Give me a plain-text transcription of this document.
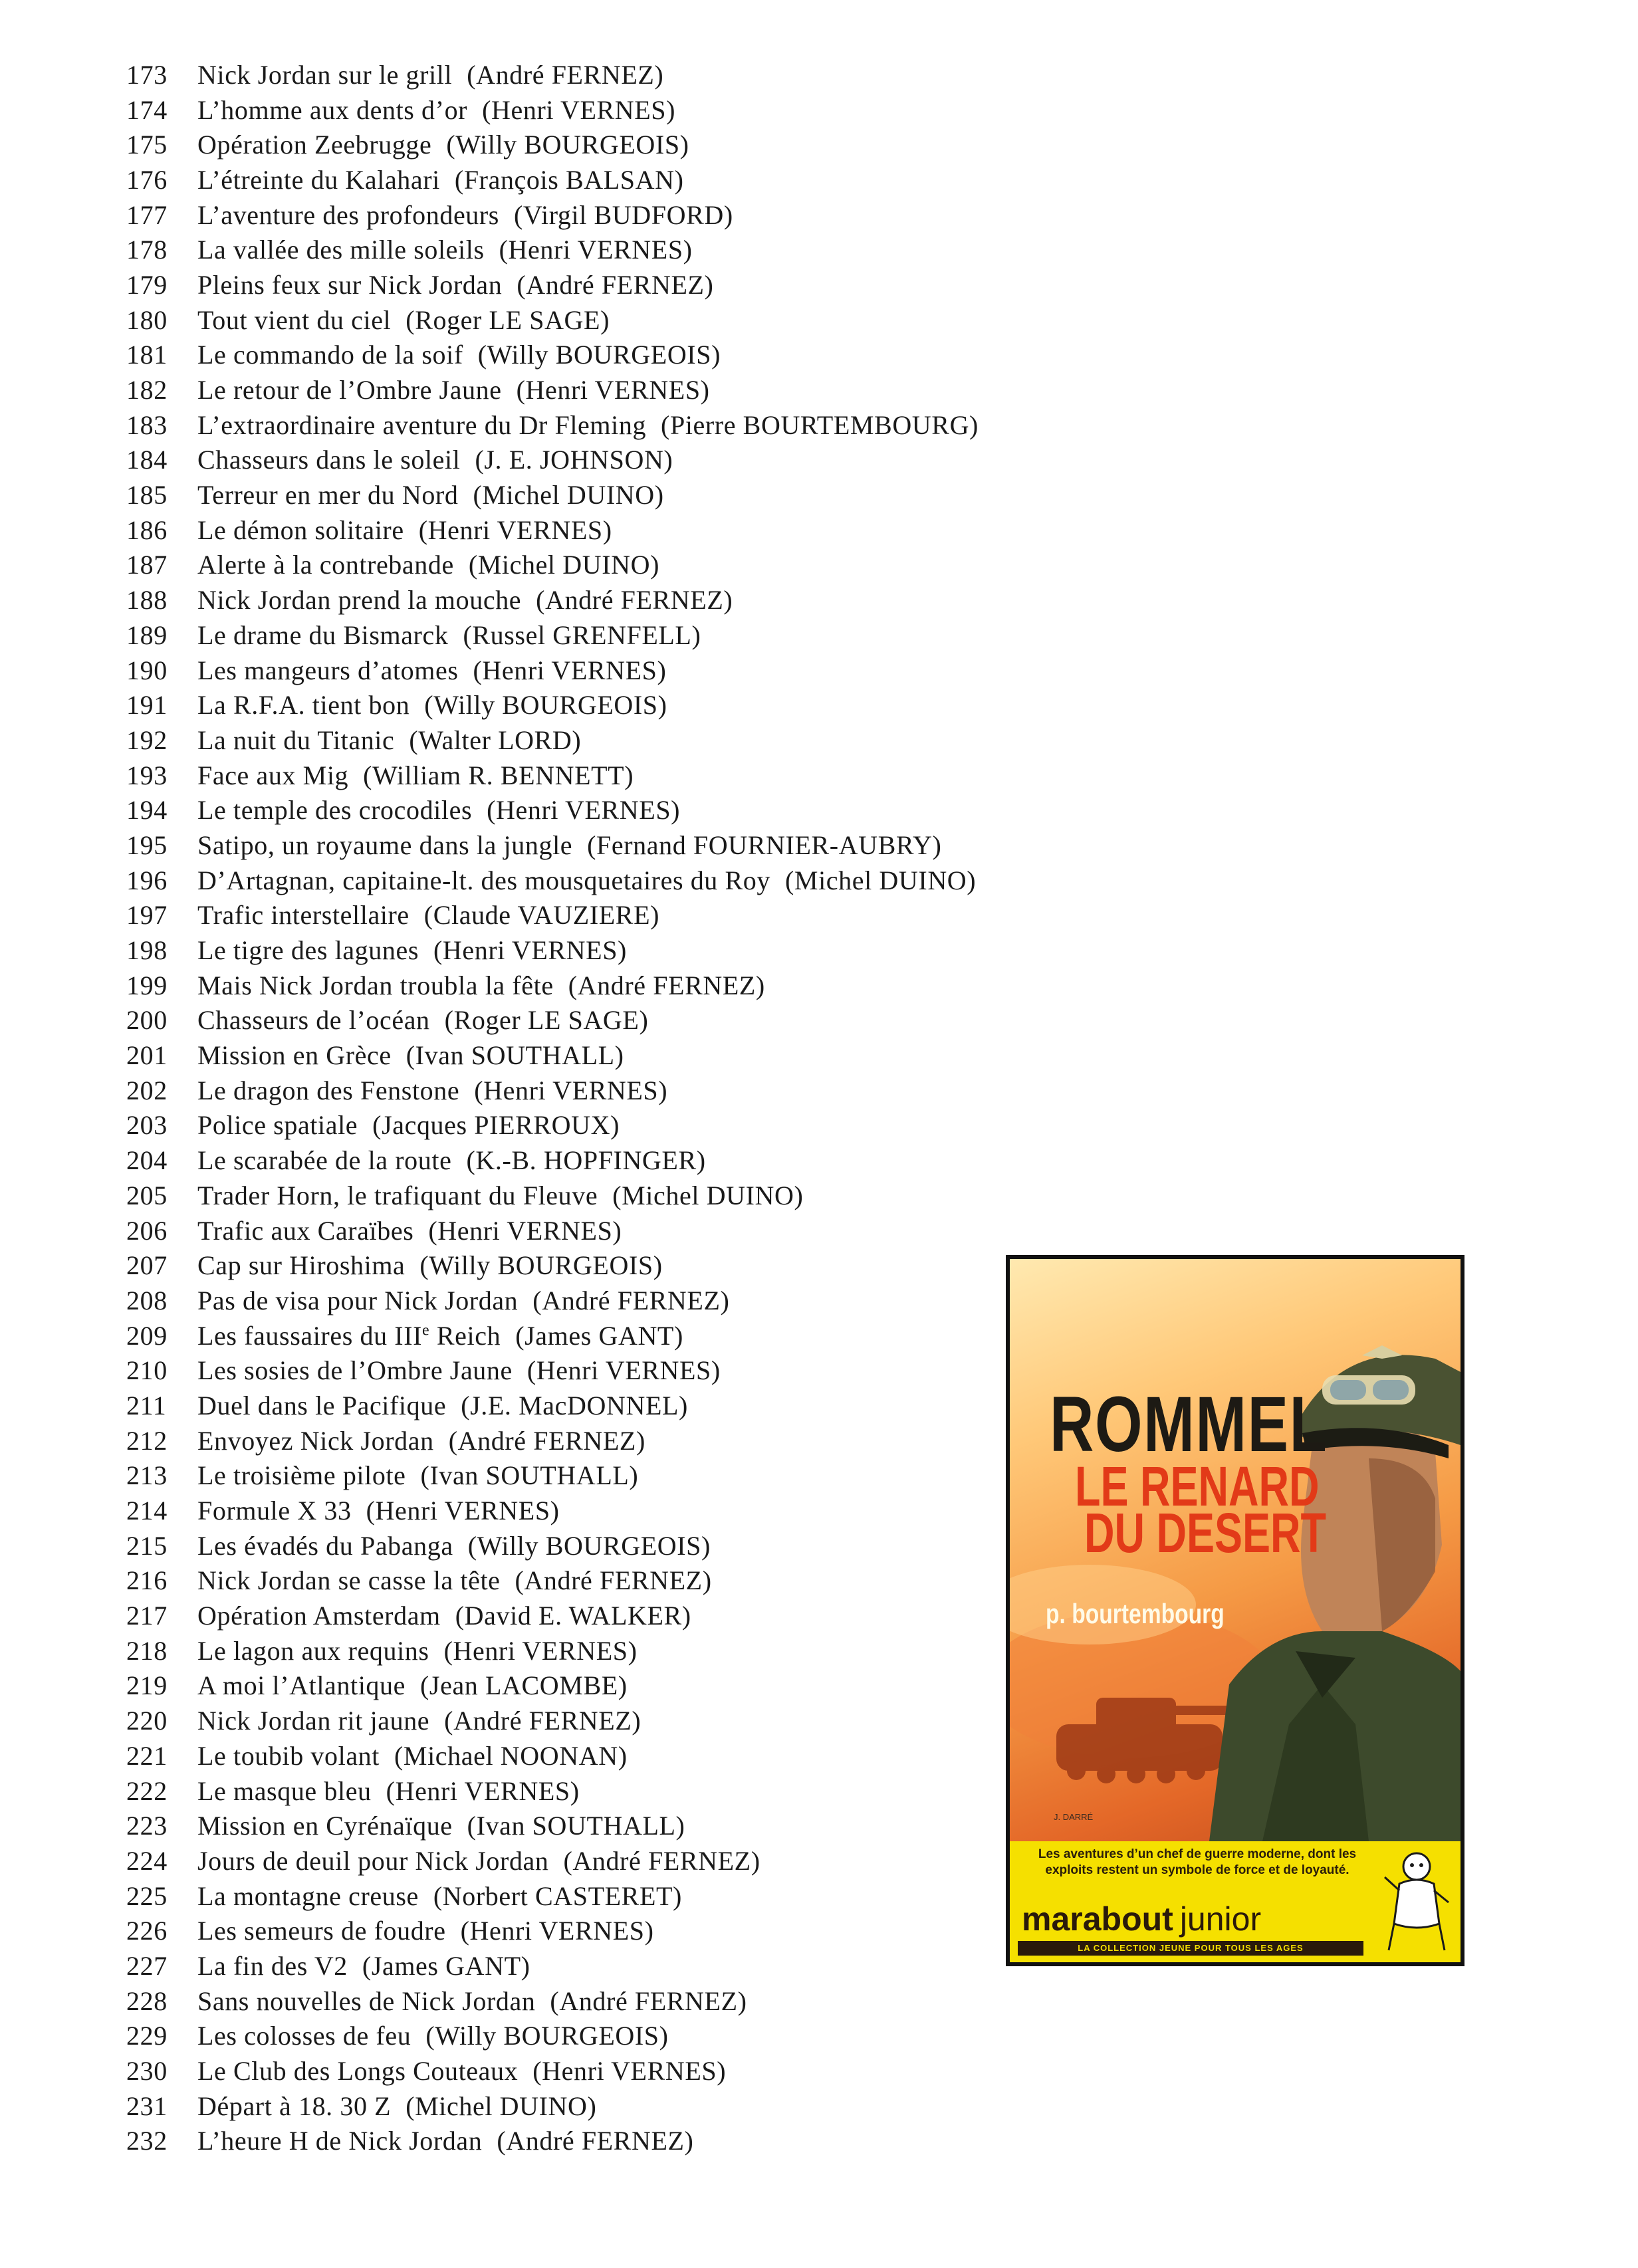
173	Nick Jordan sur le grill (André FERNEZ)
174	L’homme aux dents d’or (Henri VERNES)
175	Opération Zeebrugge (Willy BOURGEOIS)
176	L’étreinte du Kalahari (François BALSAN)
177	L’aventure des profondeurs (Virgil BUDFORD)
178	La vallée des mille soleils (Henri VERNES)
179	Pleins feux sur Nick Jordan (André FERNEZ)
180	Tout vient du ciel (Roger LE SAGE)
181	Le commando de la soif (Willy BOURGEOIS)
182	Le retour de l’Ombre Jaune (Henri VERNES)
183	L’extraordinaire aventure du Dr Fleming (Pierre BOURTEMBOURG)
184	Chasseurs dans le soleil (J. E. JOHNSON)
185	Terreur en mer du Nord (Michel DUINO)
186	Le démon solitaire (Henri VERNES)
187	Alerte à la contrebande (Michel DUINO)
188	Nick Jordan prend la mouche (André FERNEZ)
189	Le drame du Bismarck (Russel GRENFELL)
190	Les mangeurs d’atomes (Henri VERNES)
191	La R.F.A. tient bon (Willy BOURGEOIS)
192	La nuit du Titanic (Walter LORD)
193	Face aux Mig (William R. BENNETT)
194	Le temple des crocodiles (Henri VERNES)
195	Satipo, un royaume dans la jungle (Fernand FOURNIER-AUBRY)
196	D’Artagnan, capitaine-lt. des mousquetaires du Roy (Michel DUINO)
197	Trafic interstellaire (Claude VAUZIERE)
198	Le tigre des lagunes (Henri VERNES)
199	Mais Nick Jordan troubla la fête (André FERNEZ)
200	Chasseurs de l’océan (Roger LE SAGE)
201	Mission en Grèce (Ivan SOUTHALL)
202	Le dragon des Fenstone (Henri VERNES)
203	Police spatiale (Jacques PIERROUX)
204	Le scarabée de la route (K.-B. HOPFINGER)
205	Trader Horn, le trafiquant du Fleuve (Michel DUINO)
206	Trafic aux Caraïbes (Henri VERNES)
207	Cap sur Hiroshima (Willy BOURGEOIS)
208	Pas de visa pour Nick Jordan (André FERNEZ)
209	Les faussaires du IIIe Reich (James GANT)
210	Les sosies de l’Ombre Jaune (Henri VERNES)
211	Duel dans le Pacifique (J.E. MacDONNEL)
212	Envoyez Nick Jordan (André FERNEZ)
213	Le troisième pilote (Ivan SOUTHALL)
214	Formule X 33 (Henri VERNES)
215	Les évadés du Pabanga (Willy BOURGEOIS)
216	Nick Jordan se casse la tête (André FERNEZ)
217	Opération Amsterdam (David E. WALKER)
218	Le lagon aux requins (Henri VERNES)
219	A moi l’Atlantique (Jean LACOMBE)
220	Nick Jordan rit jaune (André FERNEZ)
221	Le toubib volant (Michael NOONAN)
222	Le masque bleu (Henri VERNES)
223	Mission en Cyrénaïque (Ivan SOUTHALL)
224	Jours de deuil pour Nick Jordan (André FERNEZ)
225	La montagne creuse (Norbert CASTERET)
226	Les semeurs de foudre (Henri VERNES)
227	La fin des V2 (James GANT)
228	Sans nouvelles de Nick Jordan (André FERNEZ)
229	Les colosses de feu (Willy BOURGEOIS)
230	Le Club des Longs Couteaux (Henri VERNES)
231	Départ à 18. 30 Z (Michel DUINO)
232	L’heure H de Nick Jordan (André FERNEZ)
ROMMEL
LE RENARD
DU DESERT
p. bourtembourg
J. DARRÉ
Les aventures d’un chef de guerre moderne, dont les exploits restent un symbole de force et de loyauté.
marabout junior
LA COLLECTION JEUNE POUR TOUS LES AGES
